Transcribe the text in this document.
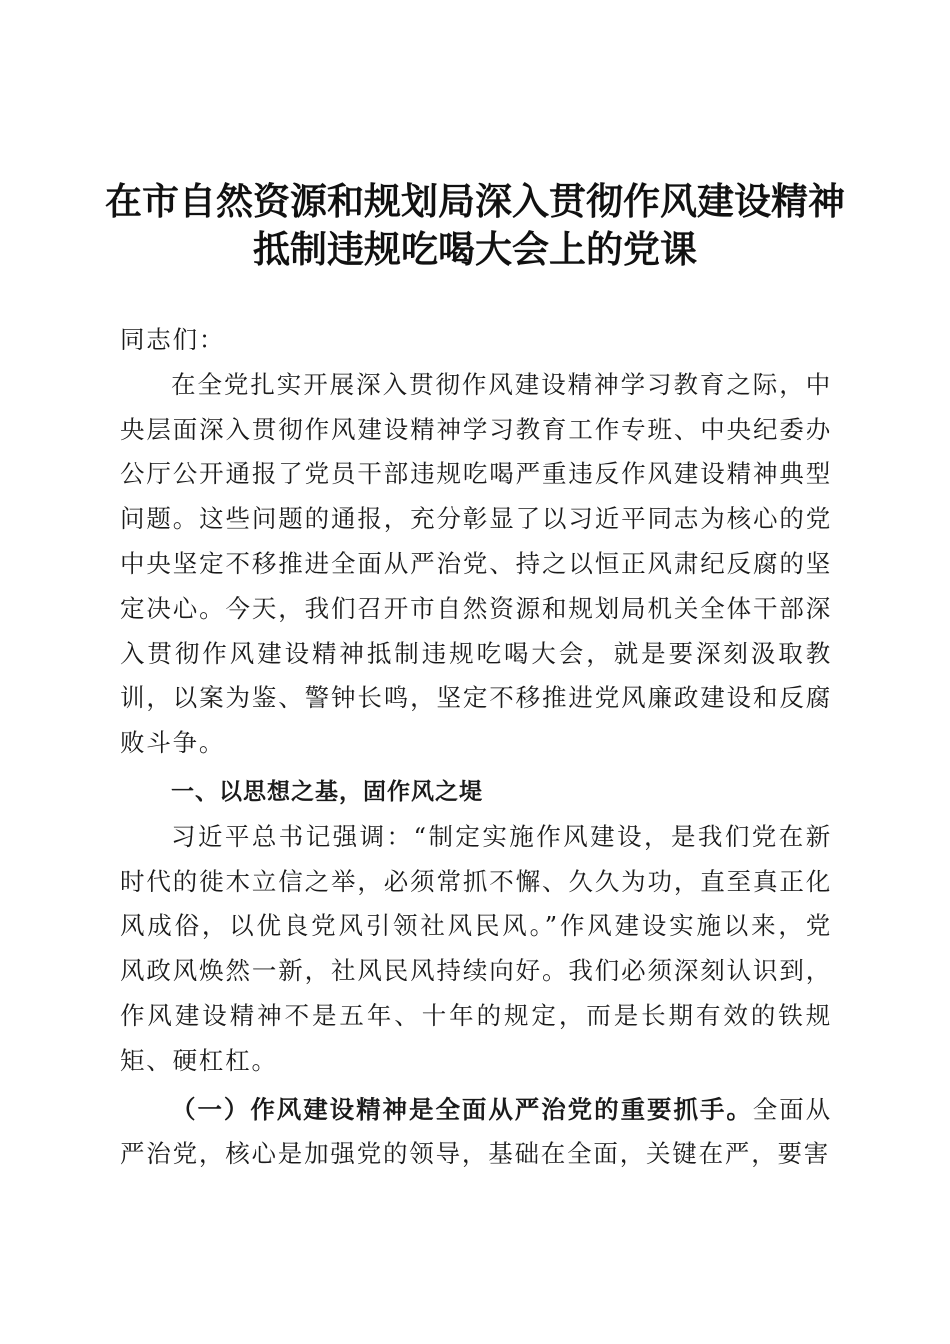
在市自然资源和规划局深入贯彻作风建设精神
抵制违规吃喝大会上的党课

同志们：

在全党扎实开展深入贯彻作风建设精神学习教育之际，中央层面深入贯彻作风建设精神学习教育工作专班、中央纪委办公厅公开通报了党员干部违规吃喝严重违反作风建设精神典型问题。这些问题的通报，充分彰显了以习近平同志为核心的党中央坚定不移推进全面从严治党、持之以恒正风肃纪反腐的坚定决心。今天，我们召开市自然资源和规划局机关全体干部深入贯彻作风建设精神抵制违规吃喝大会，就是要深刻汲取教训，以案为鉴、警钟长鸣，坚定不移推进党风廉政建设和反腐败斗争。

一、以思想之基，固作风之堤

习近平总书记强调：“制定实施作风建设，是我们党在新时代的徙木立信之举，必须常抓不懈、久久为功，直至真正化风成俗，以优良党风引领社风民风。”作风建设实施以来，党风政风焕然一新，社风民风持续向好。我们必须深刻认识到，作风建设精神不是五年、十年的规定，而是长期有效的铁规矩、硬杠杠。

（一）作风建设精神是全面从严治党的重要抓手。全面从严治党，核心是加强党的领导，基础在全面，关键在严，要害
